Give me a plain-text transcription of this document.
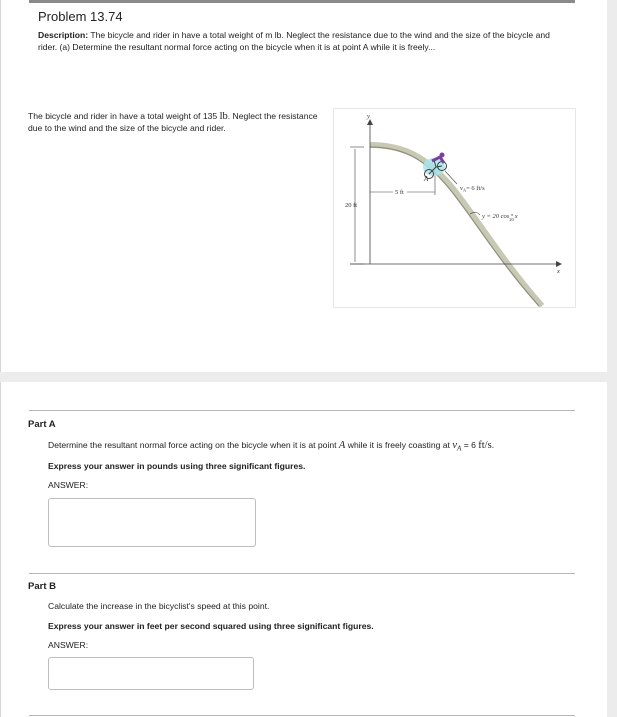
Problem 13.74
Description: The bicycle and rider in have a total weight of m lb. Neglect the resistance due to the wind and the size of the bicycle and rider. (a) Determine the resultant normal force acting on the bicycle when it is at point A while it is freely...
The bicycle and rider in have a total weight of 135 lb. Neglect the resistance due to the wind and the size of the bicycle and rider.
y
x
20 ft
5 ft
A
$v_A= 6$ ft/s
y = 20 cos $^\pi$ 20x
Part A
Determine the resultant normal force acting on the bicycle when it is at point A while it is freely coasting at $v_A = 6$ ft/s.
Express your answer in pounds using three significant figures.
ANSWER:
Part B
Calculate the increase in the bicyclist's speed at this point.
Express your answer in feet per second squared using three significant figures.
ANSWER:
